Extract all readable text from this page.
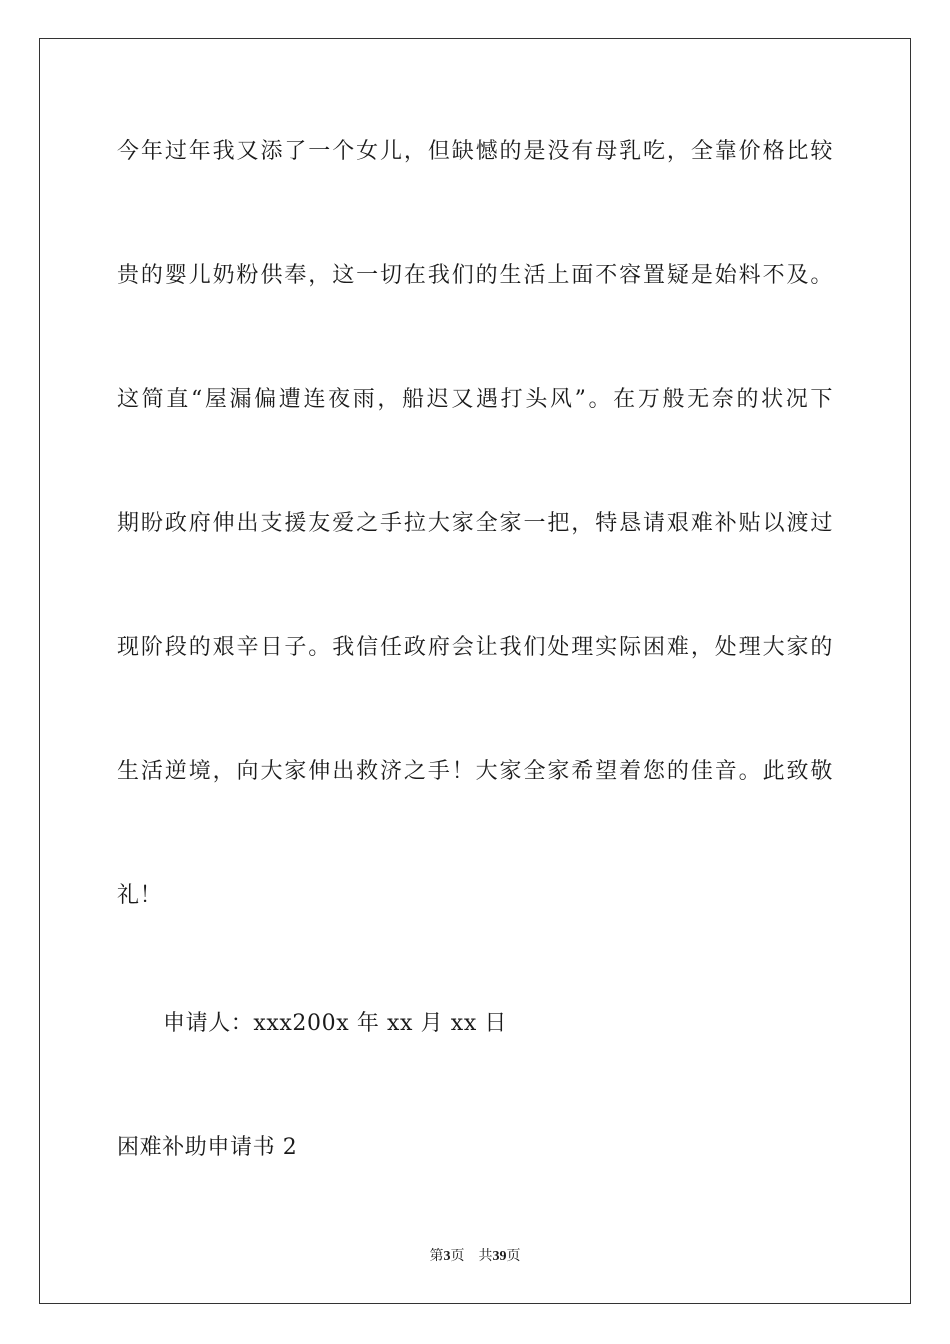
今年过年我又添了一个女儿，但缺憾的是没有母乳吃，全靠价格比较
贵的婴儿奶粉供奉，这一切在我们的生活上面不容置疑是始料不及。
这简直“屋漏偏遭连夜雨，船迟又遇打头风”。在万般无奈的状况下
期盼政府伸出支援友爱之手拉大家全家一把，特恳请艰难补贴以渡过
现阶段的艰辛日子。我信任政府会让我们处理实际困难，处理大家的
生活逆境，向大家伸出救济之手！大家全家希望着您的佳音。此致敬
礼！
申请人：xxx200x 年 xx 月 xx 日
困难补助申请书 2
第3页 共39页
